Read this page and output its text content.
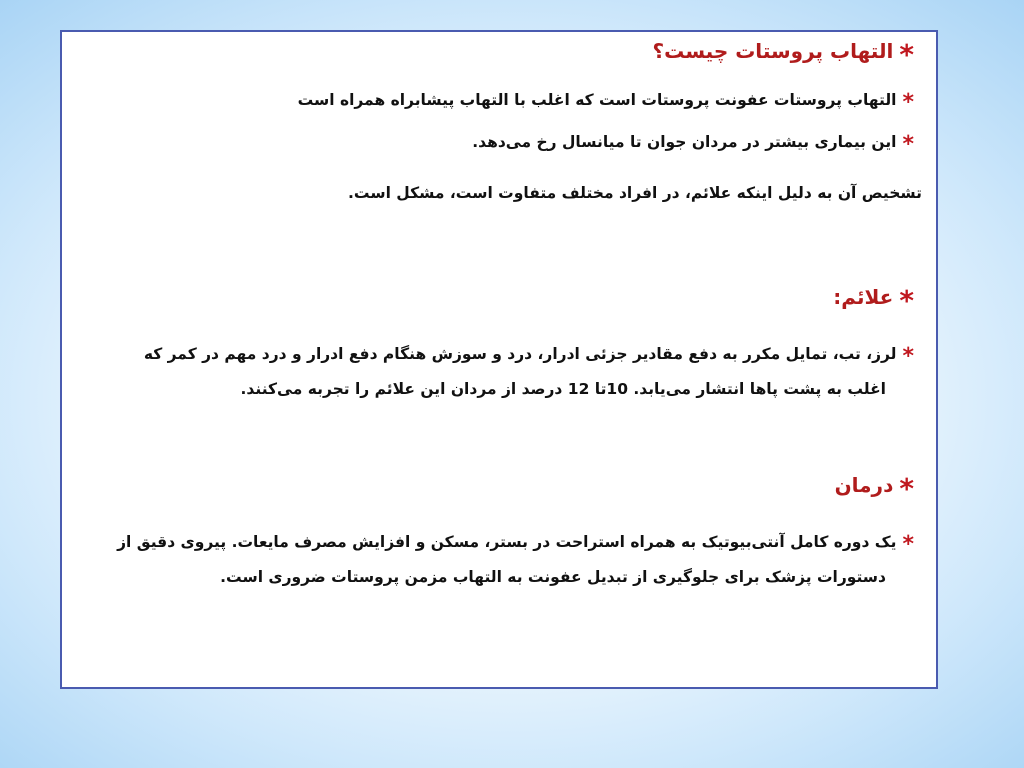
*التهاب پروستات چیست؟
*التهاب پروستات عفونت پروستات است که اغلب با التهاب پیشابراه همراه است
*این بیماری بیشتر در مردان جوان تا میانسال رخ می‌دهد.
تشخیص آن به دلیل اینکه علائم، در افراد مختلف متفاوت است، مشکل است.
*علائم:
*لرز، تب، تمایل مکرر به دفع مقادیر جزئی ادرار، درد و سوزش هنگام دفع ادرار و درد مهم در کمر که
اغلب به پشت پاها انتشار می‌یابد. 10تا 12 درصد از مردان این علائم را تجربه می‌کنند.
*درمان
*یک دوره کامل آنتی‌بیوتیک به همراه استراحت در بستر، مسکن و افزایش مصرف مایعات. پیروی دقیق از
دستورات پزشک برای جلوگیری از تبدیل عفونت به التهاب مزمن پروستات ضروری است.
